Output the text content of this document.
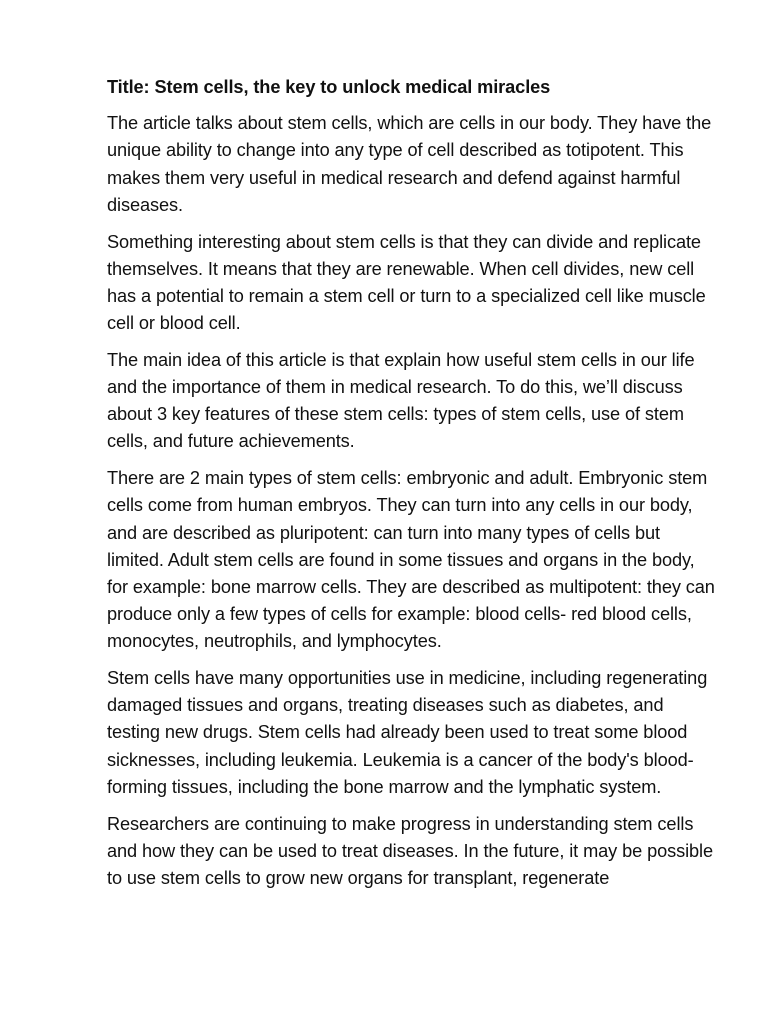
Title: Stem cells, the key to unlock medical miracles

The article talks about stem cells, which are cells in our body. They have the unique ability to change into any type of cell described as totipotent. This makes them very useful in medical research and defend against harmful diseases.

Something interesting about stem cells is that they can divide and replicate themselves. It means that they are renewable. When cell divides, new cell has a potential to remain a stem cell or turn to a specialized cell like muscle cell or blood cell.

The main idea of this article is that explain how useful stem cells in our life and the importance of them in medical research. To do this, we’ll discuss about 3 key features of these stem cells: types of stem cells, use of stem cells, and future achievements.

There are 2 main types of stem cells: embryonic and adult. Embryonic stem cells come from human embryos. They can turn into any cells in our body, and are described as pluripotent: can turn into many types of cells but limited. Adult stem cells are found in some tissues and organs in the body, for example: bone marrow cells. They are described as multipotent: they can produce only a few types of cells for example: blood cells- red blood cells, monocytes, neutrophils, and lymphocytes.

Stem cells have many opportunities use in medicine, including regenerating damaged tissues and organs, treating diseases such as diabetes, and testing new drugs. Stem cells had already been used to treat some blood sicknesses, including leukemia. Leukemia is a cancer of the body's blood-forming tissues, including the bone marrow and the lymphatic system.

Researchers are continuing to make progress in understanding stem cells and how they can be used to treat diseases. In the future, it may be possible to use stem cells to grow new organs for transplant, regenerate
